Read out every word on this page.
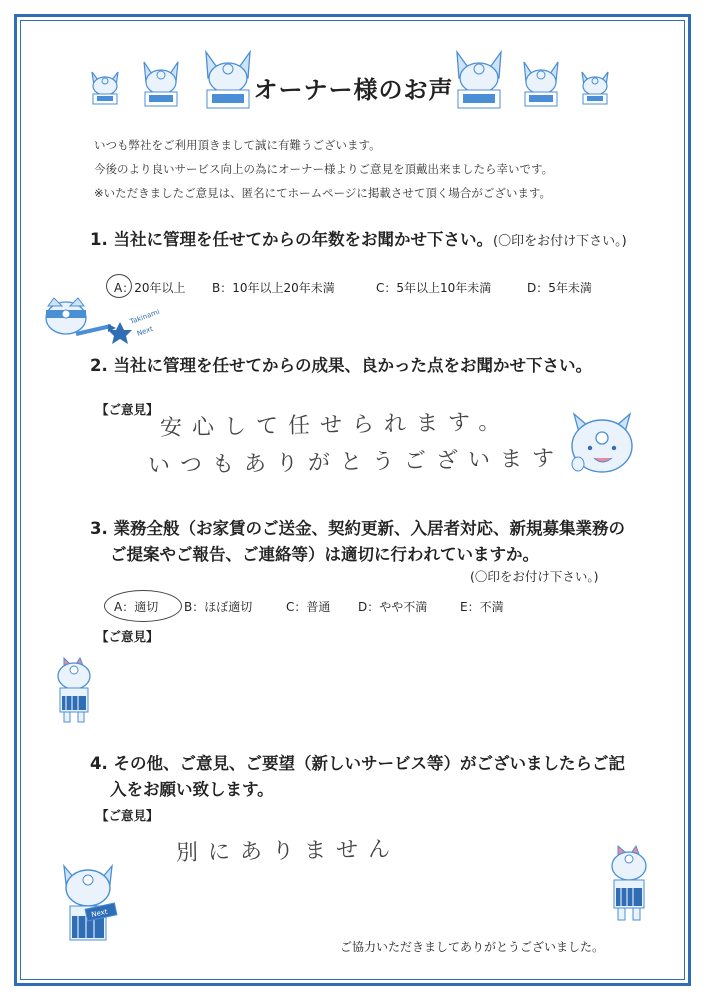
オーナー様のお声
いつも弊社をご利用頂きまして誠に有難うございます。
今後のより良いサービス向上の為にオーナー様よりご意見を頂戴出来ましたら幸いです。
※いただきましたご意見は、匿名にてホームページに掲載させて頂く場合がございます。
1. 当社に管理を任せてからの年数をお聞かせ下さい。(〇印をお付け下さい。)
A：20年以上 B：10年以上20年未満	C：5年以上10年未満	D：5年未満
Takinami
Next
2. 当社に管理を任せてからの成果、良かった点をお聞かせ下さい。
【ご意見】
安心して任せられます。
いつもありがとうございます
3. 業務全般（お家賃のご送金、契約更新、入居者対応、新規募集業務の
ご提案やご報告、ご連絡等）は適切に行われていますか。
(〇印をお付け下さい。)
A：適切 B：ほぼ適切	C：普通 D：やや不満	E：不満
【ご意見】
4. その他、ご意見、ご要望（新しいサービス等）がございましたらご記
入をお願い致します。
【ご意見】
別にありません
Next
ご協力いただきましてありがとうございました。
